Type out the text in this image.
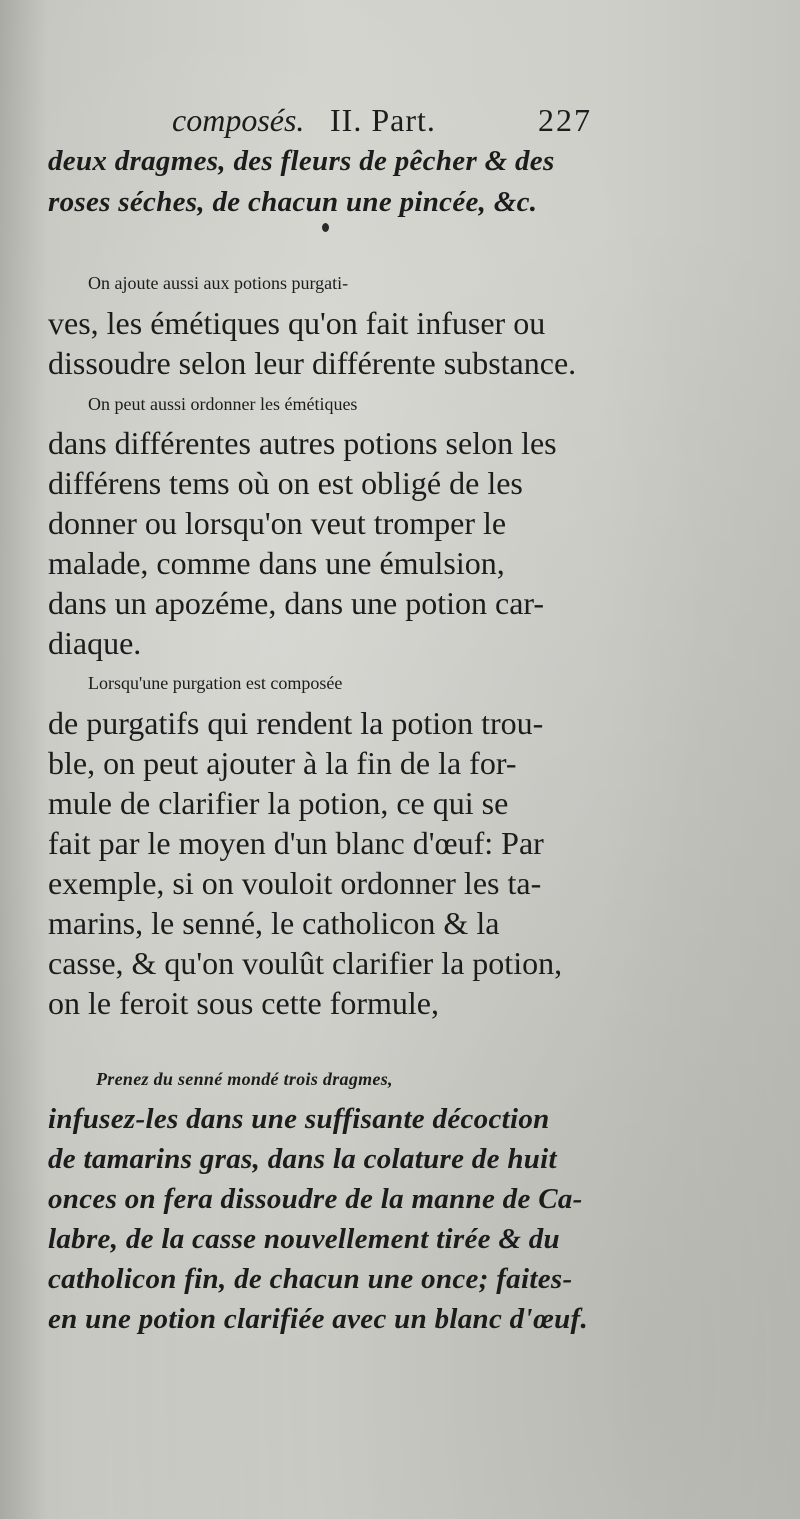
composés. II. Part.	227
deux dragmes, des fleurs de pêcher & des
roses séches, de chacun une pincée, &c.
On ajoute aussi aux potions purgati-
ves, les émétiques qu'on fait infuser ou
dissoudre selon leur différente substance.
On peut aussi ordonner les émétiques
dans différentes autres potions selon les
différens tems où on est obligé de les
donner ou lorsqu'on veut tromper le
malade, comme dans une émulsion,
dans un apozéme, dans une potion car-
diaque.
Lorsqu'une purgation est composée
de purgatifs qui rendent la potion trou-
ble, on peut ajouter à la fin de la for-
mule de clarifier la potion, ce qui se
fait par le moyen d'un blanc d'œuf: Par
exemple, si on vouloit ordonner les ta-
marins, le senné, le catholicon & la
casse, & qu'on voulût clarifier la potion,
on le feroit sous cette formule,
Prenez du senné mondé trois dragmes,
infusez-les dans une suffisante décoction
de tamarins gras, dans la colature de huit
onces on fera dissoudre de la manne de Ca-
labre, de la casse nouvellement tirée & du
catholicon fin, de chacun une once; faites-
en une potion clarifiée avec un blanc d'œuf.
